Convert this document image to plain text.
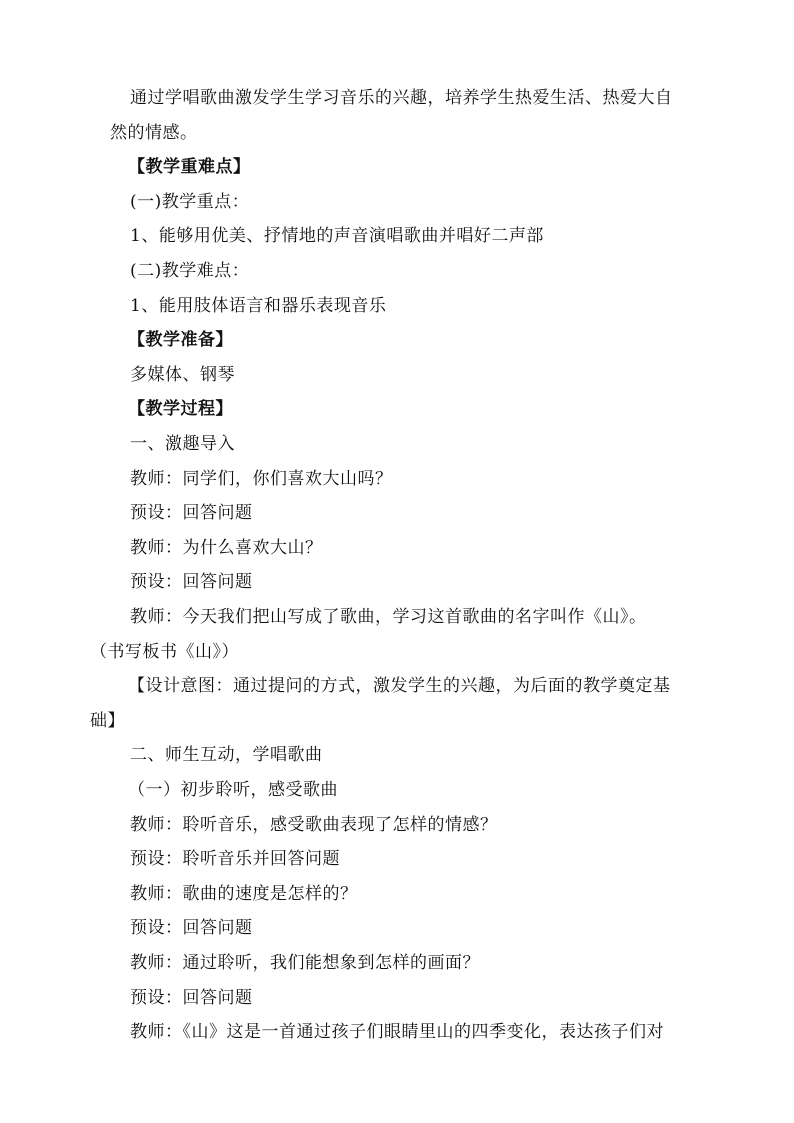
通过学唱歌曲激发学生学习音乐的兴趣，培养学生热爱生活、热爱大自
然的情感。
【教学重难点】
(一)教学重点：
1、能够用优美、抒情地的声音演唱歌曲并唱好二声部
(二)教学难点：
1、能用肢体语言和器乐表现音乐
【教学准备】
多媒体、钢琴
【教学过程】
一、激趣导入
教师：同学们，你们喜欢大山吗？
预设：回答问题
教师：为什么喜欢大山？
预设：回答问题
教师：今天我们把山写成了歌曲，学习这首歌曲的名字叫作《山》。
（书写板书《山》）
【设计意图：通过提问的方式，激发学生的兴趣，为后面的教学奠定基
础】
二、师生互动，学唱歌曲
（一）初步聆听，感受歌曲
教师：聆听音乐，感受歌曲表现了怎样的情感？
预设：聆听音乐并回答问题
教师：歌曲的速度是怎样的？
预设：回答问题
教师：通过聆听，我们能想象到怎样的画面？
预设：回答问题
教师：《山》这是一首通过孩子们眼睛里山的四季变化，表达孩子们对
